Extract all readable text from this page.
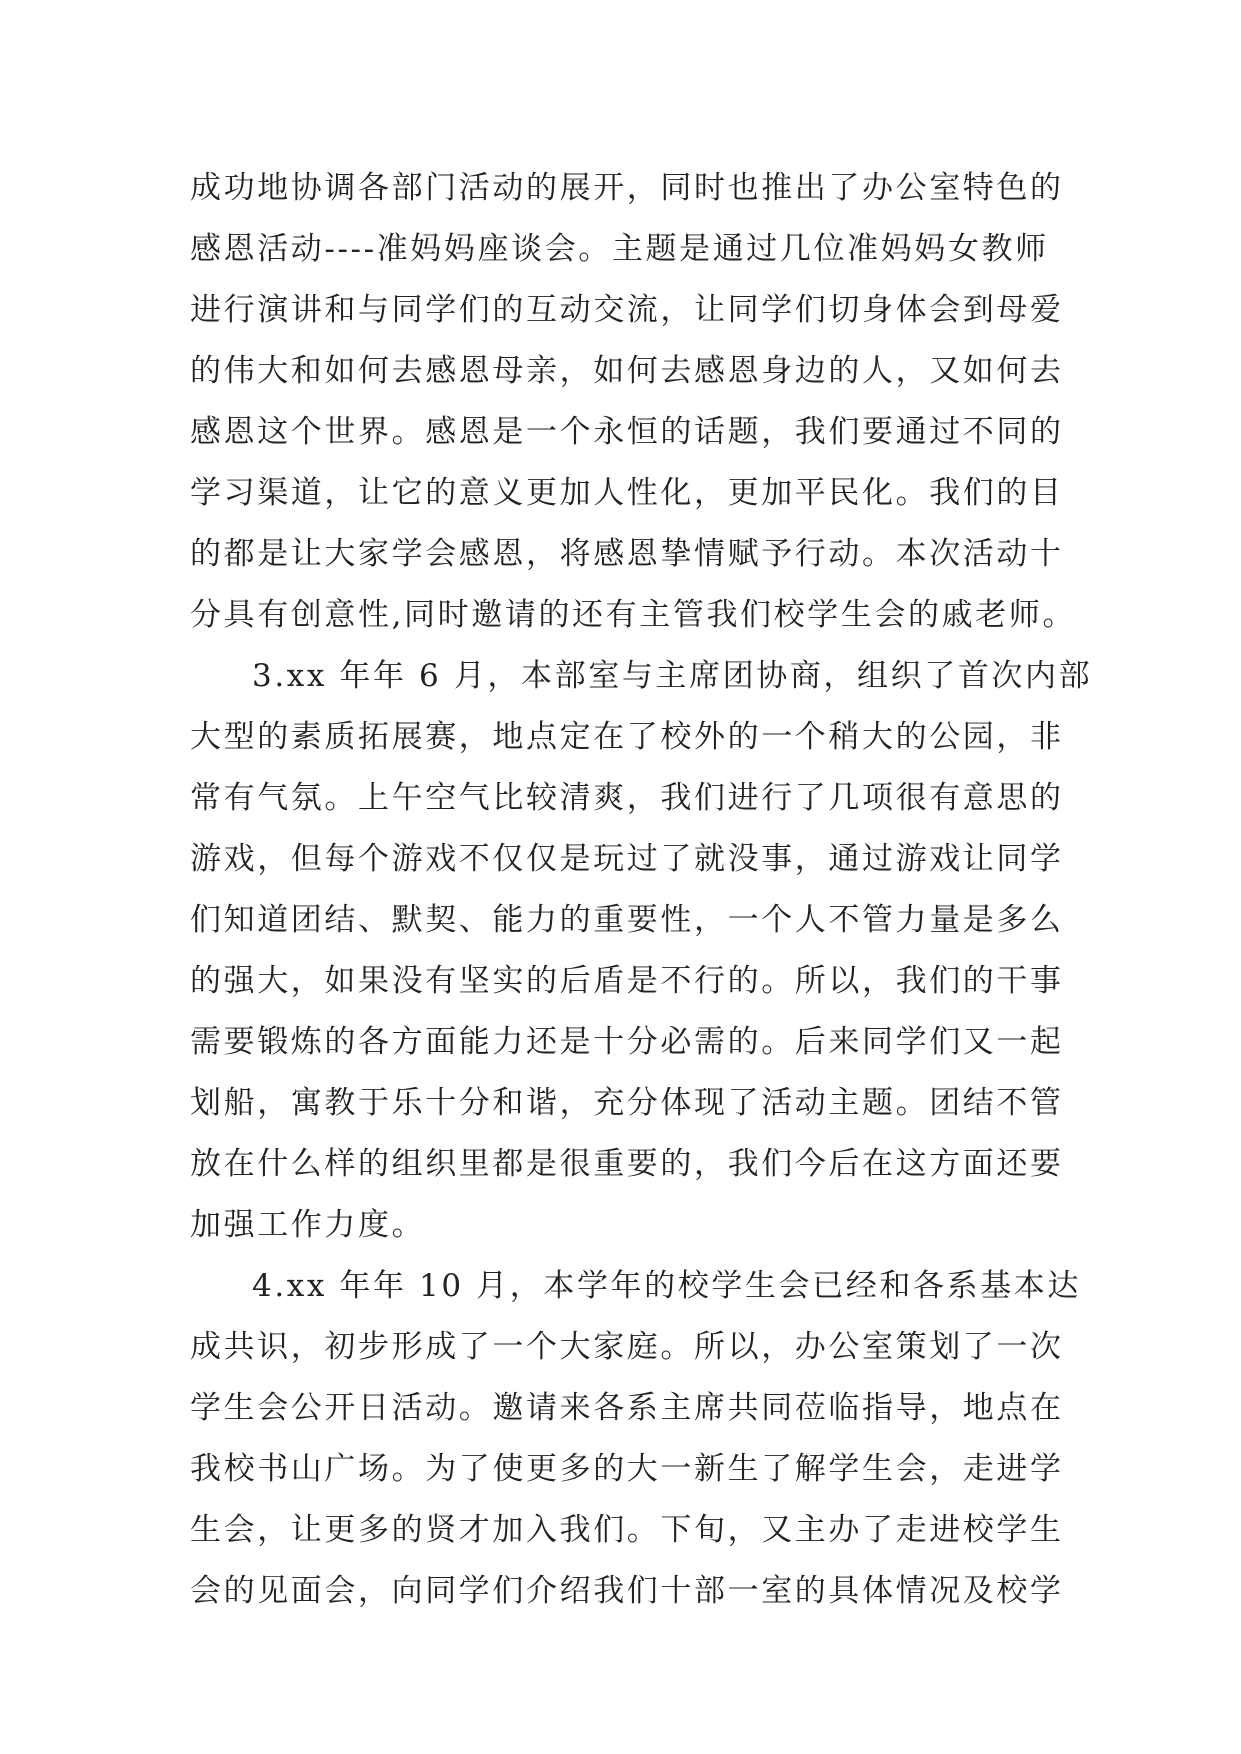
成功地协调各部门活动的展开，同时也推出了办公室特色的
感恩活动----准妈妈座谈会。主题是通过几位准妈妈女教师
进行演讲和与同学们的互动交流，让同学们切身体会到母爱
的伟大和如何去感恩母亲，如何去感恩身边的人，又如何去
感恩这个世界。感恩是一个永恒的话题，我们要通过不同的
学习渠道，让它的意义更加人性化，更加平民化。我们的目
的都是让大家学会感恩，将感恩挚情赋予行动。本次活动十
分具有创意性,同时邀请的还有主管我们校学生会的戚老师。
3.xx 年年 6 月，本部室与主席团协商，组织了首次内部
大型的素质拓展赛，地点定在了校外的一个稍大的公园，非
常有气氛。上午空气比较清爽，我们进行了几项很有意思的
游戏，但每个游戏不仅仅是玩过了就没事，通过游戏让同学
们知道团结、默契、能力的重要性，一个人不管力量是多么
的强大，如果没有坚实的后盾是不行的。所以，我们的干事
需要锻炼的各方面能力还是十分必需的。后来同学们又一起
划船，寓教于乐十分和谐，充分体现了活动主题。团结不管
放在什么样的组织里都是很重要的，我们今后在这方面还要
加强工作力度。
4.xx 年年 10 月，本学年的校学生会已经和各系基本达
成共识，初步形成了一个大家庭。所以，办公室策划了一次
学生会公开日活动。邀请来各系主席共同莅临指导，地点在
我校书山广场。为了使更多的大一新生了解学生会，走进学
生会，让更多的贤才加入我们。下旬，又主办了走进校学生
会的见面会，向同学们介绍我们十部一室的具体情况及校学
